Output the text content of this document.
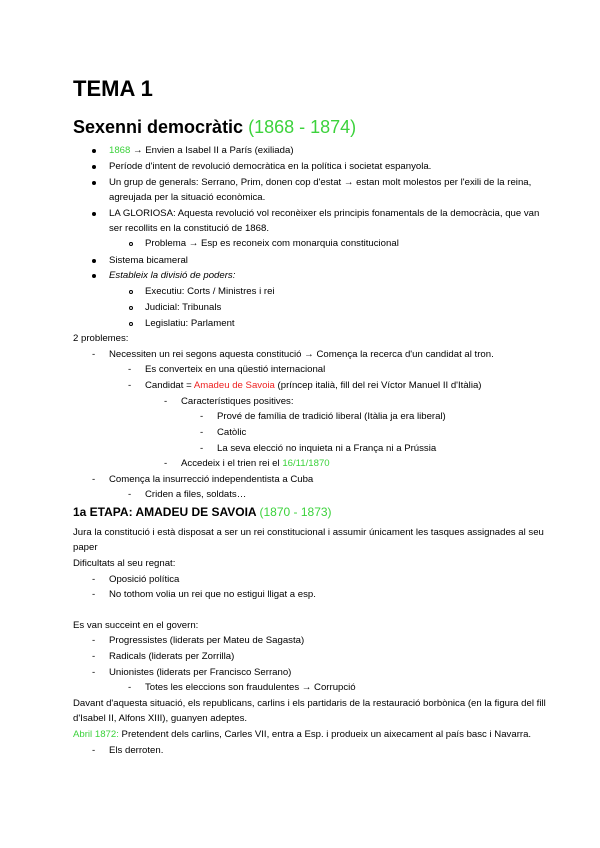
TEMA 1
Sexenni democràtic (1868 - 1874)
1868 → Envien a Isabel II a París (exiliada)
Període d'intent de revolució democràtica en la política i societat espanyola.
Un grup de generals: Serrano, Prim, donen cop d'estat → estan molt molestos per l'exili de la reina,
agreujada per la situació econòmica.
LA GLORIOSA: Aquesta revolució vol reconèixer els principis fonamentals de la democràcia, que van
ser recollits en la constitució de 1868.
Problema → Esp es reconeix com monarquia constitucional
Sistema bicameral
Estableix la divisió de poders:
Executiu: Corts / Ministres i rei
Judicial: Tribunals
Legislatiu: Parlament
2 problemes:
- Necessiten un rei segons aquesta constitució → Comença la recerca d'un candidat al tron.
- Es converteix en una qüestió internacional
- Candidat = Amadeu de Savoia (príncep italià, fill del rei Víctor Manuel II d'Itàlia)
- Característiques positives:
- Prové de família de tradició liberal (Itàlia ja era liberal)
- Catòlic
- La seva elecció no inquieta ni a França ni a Prússia
- Accedeix i el trien rei el 16/11/1870
- Comença la insurrecció independentista a Cuba
- Criden a files, soldats…
1a ETAPA: AMADEU DE SAVOIA (1870 - 1873)
Jura la constitució i està disposat a ser un rei constitucional i assumir únicament les tasques assignades al seu
paper
Dificultats al seu regnat:
- Oposició política
- No tothom volia un rei que no estigui lligat a esp.
Es van succeint en el govern:
- Progressistes (liderats per Mateu de Sagasta)
- Radicals (liderats per Zorrilla)
- Unionistes (liderats per Francisco Serrano)
- Totes les eleccions son fraudulentes → Corrupció
Davant d'aquesta situació, els republicans, carlins i els partidaris de la restauració borbònica (en la figura del fill
d'Isabel II, Alfons XIII), guanyen adeptes.
Abril 1872: Pretendent dels carlins, Carles VII, entra a Esp. i produeix un aixecament al país basc i Navarra.
- Els derroten.
